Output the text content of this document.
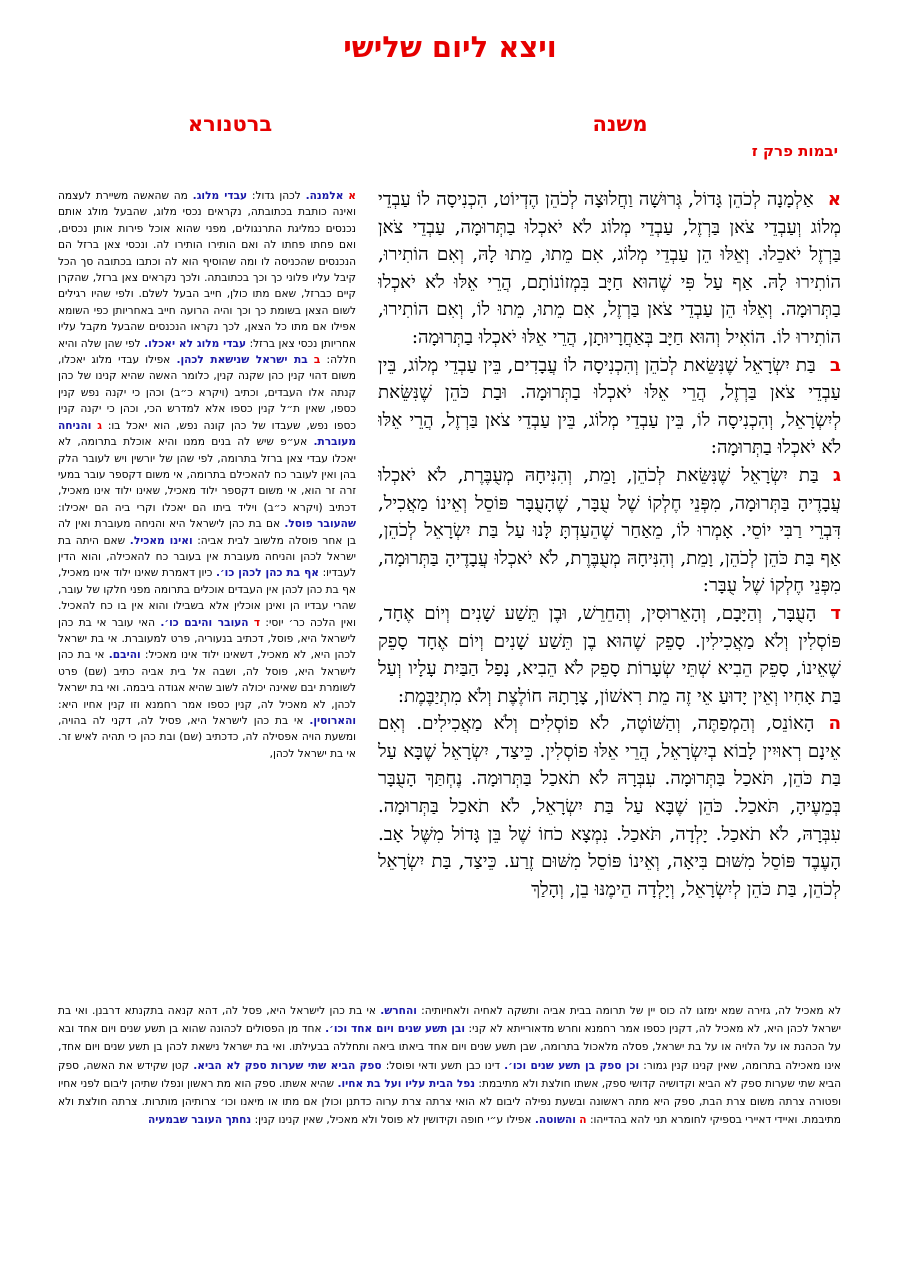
ויצא ליום שלישי
משנה
ברטנורא
יבמות פרק ז

אאַלְמָנָה לְכֹהֵן גָּדוֹל, גְּרוּשָׁה וַחֲלוּצָה לְכֹהֵן הֶדְיוֹט, הִכְנִיסָה לוֹ עַבְדֵי מְלוֹג וְעַבְדֵי צֹאן בַּרְזֶל, עַבְדֵי מְלוֹג לֹא יֹאכְלוּ בַתְּרוּמָה, עַבְדֵי צֹאן בַּרְזֶל יֹאכֵלוּ. וְאֵלּוּ הֵן עַבְדֵי מְלוֹג, אִם מֵתוּ, מֵתוּ לָהּ, וְאִם הוֹתִירוּ, הוֹתִירוּ לָהּ. אַף עַל פִּי שֶׁהוּא חַיָּב בִּמְזוֹנוֹתָם, הֲרֵי אֵלּוּ לֹא יֹאכְלוּ בַתְּרוּמָה. וְאֵלּוּ הֵן עַבְדֵי צֹאן בַּרְזֶל, אִם מֵתוּ, מֵתוּ לוֹ, וְאִם הוֹתִירוּ, הוֹתִירוּ לוֹ. הוֹאִיל וְהוּא חַיָּב בְּאַחֲרָיוּתָן, הֲרֵי אֵלּוּ יֹאכְלוּ בַתְּרוּמָה:

בבַּת יִשְׂרָאֵל שֶׁנִּשֵּׂאת לְכֹהֵן וְהִכְנִיסָה לוֹ עֲבָדִים, בֵּין עַבְדֵי מְלוֹג, בֵּין עַבְדֵי צֹאן בַּרְזֶל, הֲרֵי אֵלּוּ יֹאכְלוּ בַתְּרוּמָה. וּבַת כֹּהֵן שֶׁנִּשֵּׂאת לְיִשְׂרָאֵל, וְהִכְנִיסָה לוֹ, בֵּין עַבְדֵי מְלוֹג, בֵּין עַבְדֵי צֹאן בַּרְזֶל, הֲרֵי אֵלּוּ לֹא יֹאכְלוּ בַתְּרוּמָה:

גבַּת יִשְׂרָאֵל שֶׁנִּשֵּׂאת לְכֹהֵן, וָמֵת, וְהִנִּיחָהּ מְעֻבֶּרֶת, לֹא יֹאכְלוּ עֲבָדֶיהָ בַּתְּרוּמָה, מִפְּנֵי חֶלְקוֹ שֶׁל עֻבָּר, שֶׁהָעֻבָּר פּוֹסֵל וְאֵינוֹ מַאֲכִיל, דִּבְרֵי רַבִּי יוֹסֵי. אָמְרוּ לוֹ, מֵאַחַר שֶׁהֵעַדְתָּ לָּנוּ עַל בַּת יִשְׂרָאֵל לְכֹהֵן, אַף בַּת כֹּהֵן לְכֹהֵן, וָמֵת, וְהִנִּיחָהּ מְעֻבֶּרֶת, לֹא יֹאכְלוּ עֲבָדֶיהָ בַּתְּרוּמָה, מִפְּנֵי חֶלְקוֹ שֶׁל עֻבָּר:

דהָעֻבָּר, וְהַיָּבָם, וְהָאֵרוּסִין, וְהַחֵרֵשׁ, וּבֶן תֵּשַׁע שָׁנִים וְיוֹם אֶחָד, פּוֹסְלִין וְלֹא מַאֲכִילִין. סָפֵק שֶׁהוּא בֶן תֵּשַׁע שָׁנִים וְיוֹם אֶחָד סָפֵק שֶׁאֵינוֹ, סָפֵק הֵבִיא שְׁתֵּי שְׂעָרוֹת סָפֵק לֹא הֵבִיא, נָפַל הַבַּיִת עָלָיו וְעַל בַּת אָחִיו וְאֵין יָדוּעַ אֵי זֶה מֵת רִאשׁוֹן, צָרָתָהּ חוֹלֶצֶת וְלֹא מִתְיַבֶּמֶת:

ההָאוֹנֵס, וְהַמְפַתֶּה, וְהַשּׁוֹטֶה, לֹא פוֹסְלִים וְלֹא מַאֲכִילִים. וְאִם אֵינָם רְאוּיִין לָבוֹא בְיִשְׂרָאֵל, הֲרֵי אֵלּוּ פוֹסְלִין. כֵּיצַד, יִשְׂרָאֵל שֶׁבָּא עַל בַּת כֹּהֵן, תֹּאכַל בַּתְּרוּמָה. עִבְּרָהּ לֹא תֹאכַל בַּתְּרוּמָה. נֶחְתַּךְ הָעֻבָּר בְּמֵעֶיהָ, תֹּאכַל. כֹּהֵן שֶׁבָּא עַל בַּת יִשְׂרָאֵל, לֹא תֹאכַל בַּתְּרוּמָה. עִבְּרָהּ, לֹא תֹאכַל. יָלְדָה, תֹּאכַל. נִמְצָא כֹחוֹ שֶׁל בֵּן גָּדוֹל מִשֶּׁל אָב. הָעֶבֶד פּוֹסֵל מִשּׁוּם בִּיאָה, וְאֵינוֹ פּוֹסֵל מִשּׁוּם זֶרַע. כֵּיצַד, בַּת יִשְׂרָאֵל לְכֹהֵן, בַּת כֹּהֵן לְיִשְׂרָאֵל, וְיָלְדָה הֵימֶנּוּ בֵן, וְהָלַךְ

א אלמנה. לכהן גדול: עבדי מלוג. מה שהאשה משיירת לעצמה ואינה כותבת בכתובתה, נקראים נכסי מלוג, שהבעל מולג אותם נכנסים כמליגת התרנגולים, מפני שהוא אוכל פירות אותן נכסים, ואם פחתו פחתו לה ואם הותירו הותירו לה. ונכסי צאן ברזל הם הנכנסים שהכניסה לו ומה שהוסיף הוא לה וכתבו בכתובה סך הכל קיבל עליו פלוני כך וכך בכתובתה. ולכך נקראים צאן ברזל, שהקרן קיים כברזל, שאם מתו כולן, חייב הבעל לשלם. ולפי שהיו רגילים לשום הצאן בשומת כך וכך והיה הרועה חייב באחריותן כפי השומא אפילו אם מתו כל הצאן, לכך נקראו הנכנסים שהבעל מקבל עליו אחריותן נכסי צאן ברזל: עבדי מלוג לא יאכלו. לפי שהן שלה והיא חללה: ב בת ישראל שנישאת לכהן. אפילו עבדי מלוג יאכלו, משום דהוי קנין כהן שקנה קנין, כלומר האשה שהיא קנינו של כהן קנתה אלו העבדים, וכתיב (ויקרא כ״ב) וכהן כי יקנה נפש קנין כספו, שאין ת״ל קנין כספו אלא למדרש הכי, וכהן כי יקנה קנין כספו נפש, שעבדו של כהן קונה נפש, הוא יאכל בו: ג והניחה מעוברת. אע״פ שיש לה בנים ממנו והיא אוכלת בתרומה, לא יאכלו עבדי צאן ברזל בתרומה, לפי שהן של יורשין ויש לעובר הלק בהן ואין לעובר כח להאכילם בתרומה, אי משום דקספר עובר במעי זרה זר הוא, אי משום דקספר ילוד מאכיל, שאינו ילוד אינו מאכיל, דכתיב (ויקרא כ״ב) ויליד ביתו הם יאכלו וקרי ביה הם יאכילו: שהעובר פוסל. אם בת כהן לישראל היא והניחה מעוברת ואין לה בן אחר פוסלה מלשוב לבית אביה: ואינו מאכיל. שאם היתה בת ישראל לכהן והניחה מעוברת אין בעובר כח להאכילה, והוא הדין לעבדיו: אף בת כהן לכהן כו׳. כיון דאמרת שאינו ילוד אינו מאכיל, אף בת כהן לכהן אין העבדים אוכלים בתרומה מפני חלקו של עובר, שהרי עבדיו הן ואינן אוכלין אלא בשבילו והוא אין בו כח להאכיל. ואין הלכה כר׳ יוסי: ד העובר והיבם כו׳. האי עובר אי בת כהן לישראל היא, פוסל, דכתיב בנעוריה, פרט למעוברת. אי בת ישראל לכהן היא, לא מאכיל, דשאינו ילוד אינו מאכיל: והיבם. אי בת כהן לישראל היא, פוסל לה, ושבה אל בית אביה כתיב (שם) פרט לשומרת יבם שאינה יכולה לשוב שהיא אגודה ביבמה. ואי בת ישראל לכהן, לא מאכיל לה, קנין כספו אמר רחמנא וזו קנין אחיו היא: והארוסין. אי בת כהן לישראל היא, פסיל לה, דקני לה בהויה, ומשעת הויה אפסילה לה, כדכתיב (שם) ובת כהן כי תהיה לאיש זר. אי בת ישראל לכהן,

לא מאכיל לה, גזירה שמא ימזגו לה כוס יין של תרומה בבית אביה ותשקה לאחיה ולאחיותיה: והחרש. אי בת כהן לישראל היא, פסל לה, דהא קנאה בתקנתא דרבנן. ואי בת ישראל לכהן היא, לא מאכיל לה, דקנין כספו אמר רחמנא וחרש מדאורייתא לא קני: ובן תשע שנים ויום אחד וכו׳. אחד מן הפסולים לכהונה שהוא בן תשע שנים ויום אחד ובא על הכהנת או על הלויה או על בת ישראל, פסלה מלאכול בתרומה, שבן תשע שנים ויום אחד ביאתו ביאה ותחללה בבעילתו. ואי בת ישראל נישאת לכהן בן תשע שנים ויום אחד, אינו מאכילה בתרומה, שאין קנינו קנין גמור: וכן ספק בן תשע שנים וכו׳. דינו כבן תשע ודאי ופוסל: ספק הביא שתי שערות ספק לא הביא. קטן שקידש את האשה, ספק הביא שתי שערות ספק לא הביא וקדושיה קדושי ספק, אשתו חולצת ולא מתיבמת: נפל הבית עליו ועל בת אחיו. שהיא אשתו. ספק הוא מת ראשון ונפלו שתיהן ליבום לפני אחיו ופטורה צרתה משום צרת הבת, ספק היא מתה ראשונה ובשעת נפילה ליבום לא הואי צרתה צרת ערוה כדתנן וכולן אם מתו או מיאנו וכו׳ צרותיהן מותרות. צרתה חולצת ולא מתיבמת. ואיידי דאיירי בספיקי לחומרא תני להא בהדייהו: ה והשוטה. אפילו ע״י חופה וקידושין לא פוסל ולא מאכיל, שאין קנינו קנין: נחתך העובר שבמעיה
